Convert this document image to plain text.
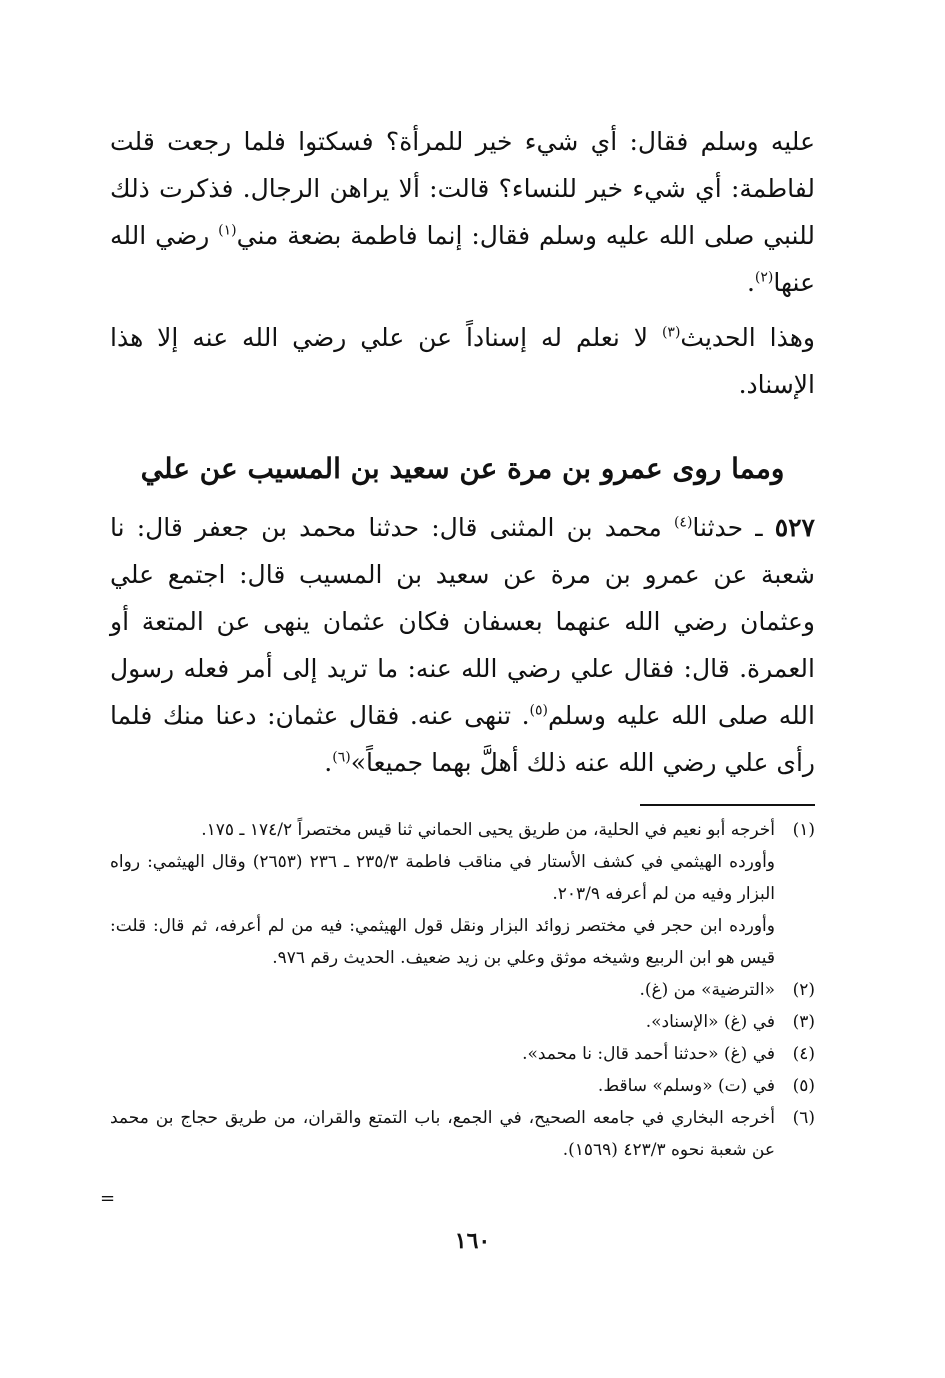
عليه وسلم فقال: أي شيء خير للمرأة؟ فسكتوا فلما رجعت قلت لفاطمة: أي شيء خير للنساء؟ قالت: ألا يراهن الرجال. فذكرت ذلك للنبي صلى الله عليه وسلم فقال: إنما فاطمة بضعة مني$^{(١)}$ رضي الله عنها$^{(٢)}$.

وهذا الحديث$^{(٣)}$ لا نعلم له إسناداً عن علي رضي الله عنه إلا هذا الإسناد.

ومما روى عمرو بن مرة عن سعيد بن المسيب عن علي

٥٢٧ ـ حدثنا$^{(٤)}$ محمد بن المثنى قال: حدثنا محمد بن جعفر قال: نا شعبة عن عمرو بن مرة عن سعيد بن المسيب قال: اجتمع علي وعثمان رضي الله عنهما بعسفان فكان عثمان ينهى عن المتعة أو العمرة. قال: فقال علي رضي الله عنه: ما تريد إلى أمر فعله رسول الله صلى الله عليه وسلم$^{(٥)}$. تنهى عنه. فقال عثمان: دعنا منك فلما رأى علي رضي الله عنه ذلك أهلَّ بهما جميعاً»$^{(٦)}$.

(١)
أخرجه أبو نعيم في الحلية، من طريق يحيى الحماني ثنا قيس مختصراً ١٧٤/٢ ـ ١٧٥.
وأورده الهيثمي في كشف الأستار في مناقب فاطمة ٢٣٥/٣ ـ ٢٣٦ (٢٦٥٣) وقال الهيثمي: رواه البزار وفيه من لم أعرفه ٢٠٣/٩.
وأورده ابن حجر في مختصر زوائد البزار ونقل قول الهيثمي: فيه من لم أعرفه، ثم قال: قلت: قيس هو ابن الربيع وشيخه موثق وعلي بن زيد ضعيف. الحديث رقم ٩٧٦.
(٢)
«الترضية» من (غ).
(٣)
في (غ) «الإسناد».
(٤)
في (غ) «حدثنا أحمد قال: نا محمد».
(٥)
في (ت) «وسلم» ساقط.
(٦)
أخرجه البخاري في جامعه الصحيح، في الجمع، باب التمتع والقران، من طريق حجاج بن محمد عن شعبة نحوه ٤٢٣/٣ (١٥٦٩).
=
١٦٠
